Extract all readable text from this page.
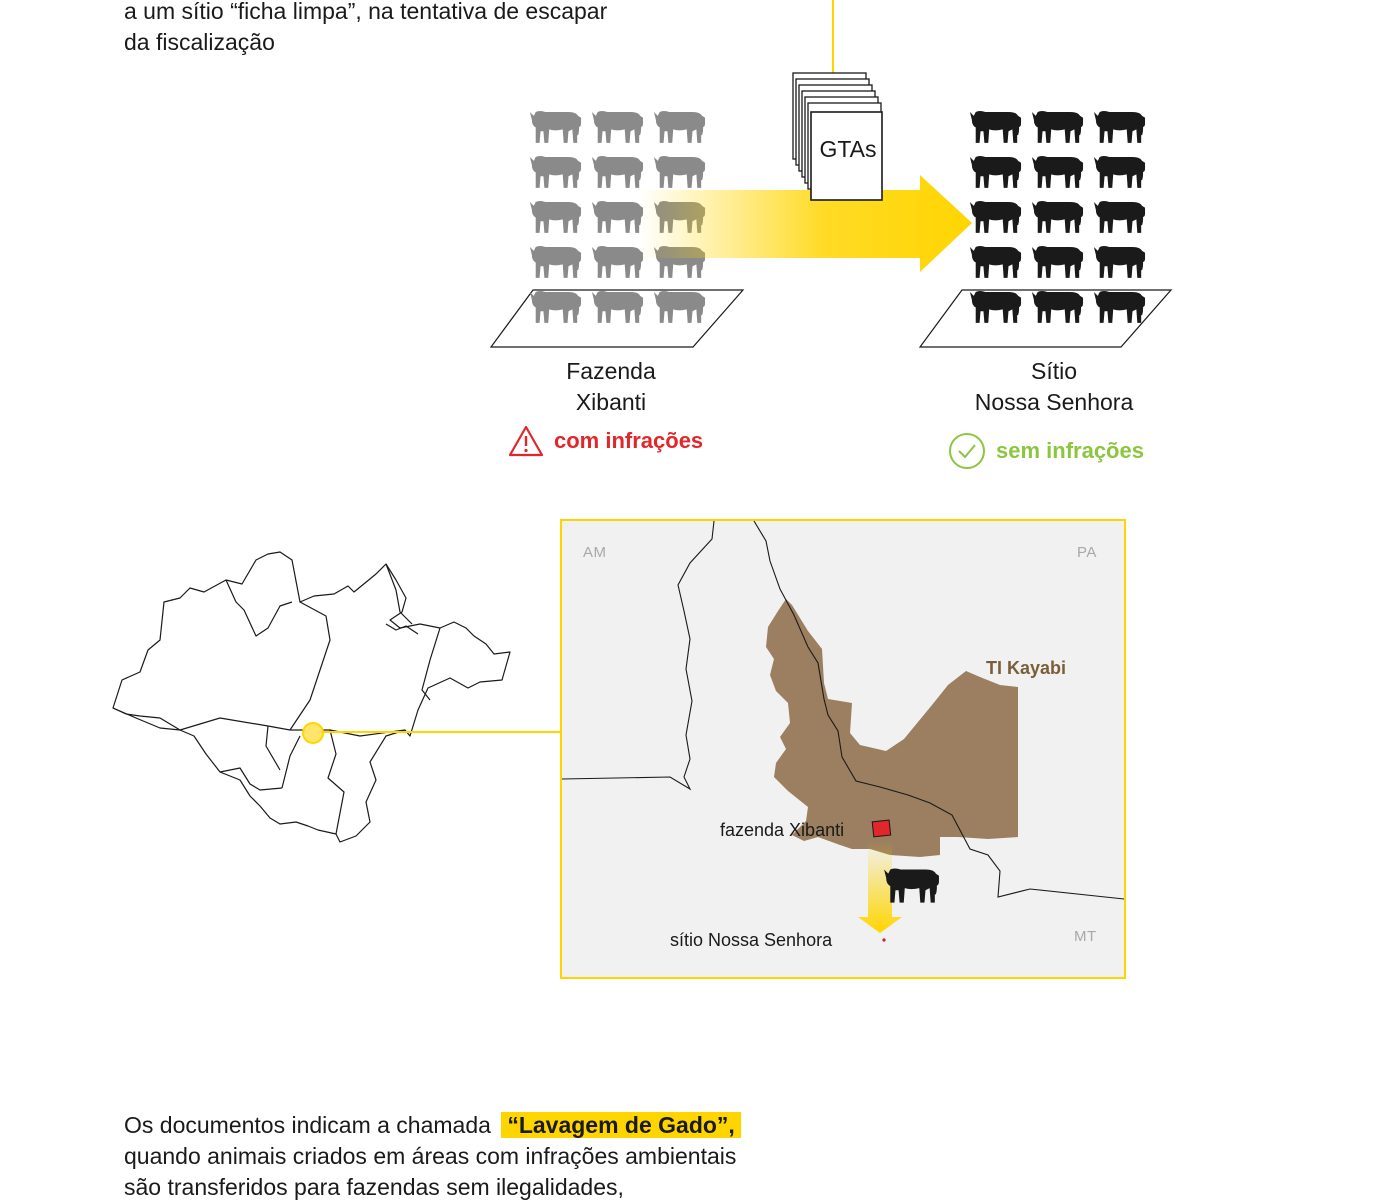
a um sítio “ficha limpa”, na tentativa de escapar
da fiscalização
GTAs
Fazenda
Xibanti
Sítio
Nossa Senhora
com infrações	sem infrações
AM	PA
MT
TI Kayabi
fazenda Xibanti
sítio Nossa Senhora
Os documentos indicam a chamada “Lavagem de Gado”,
quando animais criados em áreas com infrações ambientais
são transferidos para fazendas sem ilegalidades,
